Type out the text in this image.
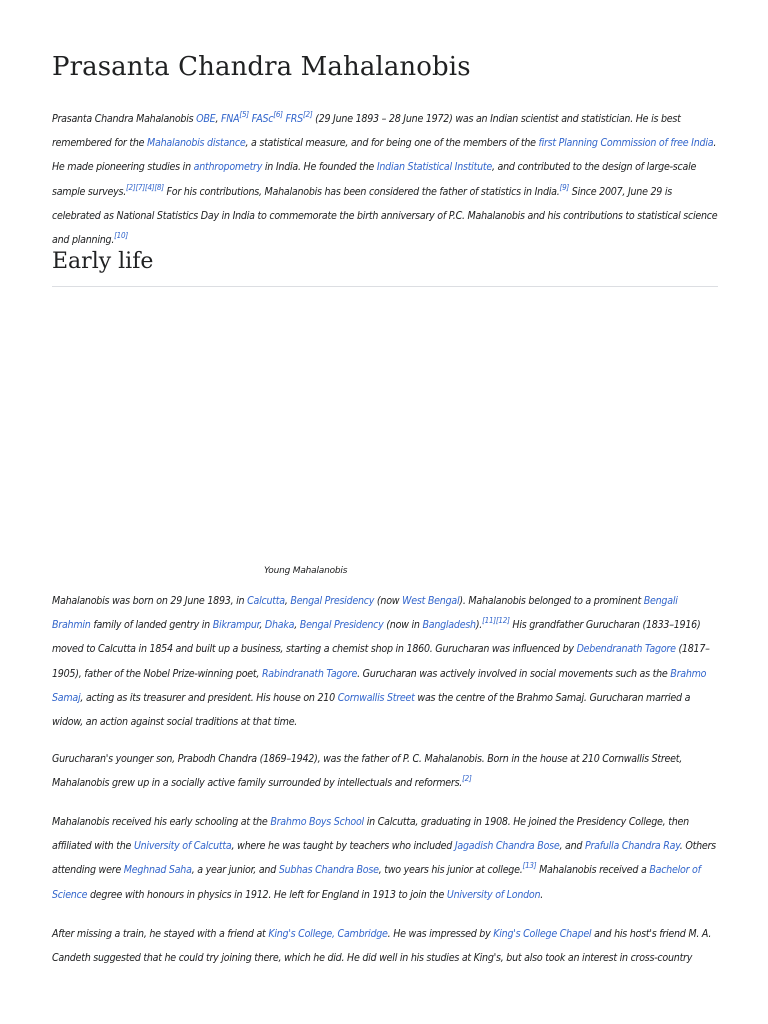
Prasanta Chandra Mahalanobis
Prasanta Chandra Mahalanobis OBE, FNA[5] FASc[6] FRS[2] (29 June 1893 – 28 June 1972) was an Indian scientist and statistician. He is best remembered for the Mahalanobis distance, a statistical measure, and for being one of the members of the first Planning Commission of free India. He made pioneering studies in anthropometry in India. He founded the Indian Statistical Institute, and contributed to the design of large-scale sample surveys.[2][7][4][8] For his contributions, Mahalanobis has been considered the father of statistics in India.[9] Since 2007, June 29 is celebrated as National Statistics Day in India to commemorate the birth anniversary of P.C. Mahalanobis and his contributions to statistical science and planning.[10]
Early life
Young Mahalanobis
Mahalanobis was born on 29 June 1893, in Calcutta, Bengal Presidency (now West Bengal). Mahalanobis belonged to a prominent Bengali Brahmin family of landed gentry in Bikrampur, Dhaka, Bengal Presidency (now in Bangladesh).[11][12] His grandfather Gurucharan (1833–1916) moved to Calcutta in 1854 and built up a business, starting a chemist shop in 1860. Gurucharan was influenced by Debendranath Tagore (1817–1905), father of the Nobel Prize-winning poet, Rabindranath Tagore. Gurucharan was actively involved in social movements such as the Brahmo Samaj, acting as its treasurer and president. His house on 210 Cornwallis Street was the centre of the Brahmo Samaj. Gurucharan married a widow, an action against social traditions at that time.
Gurucharan's younger son, Prabodh Chandra (1869–1942), was the father of P. C. Mahalanobis. Born in the house at 210 Cornwallis Street, Mahalanobis grew up in a socially active family surrounded by intellectuals and reformers.[2]
Mahalanobis received his early schooling at the Brahmo Boys School in Calcutta, graduating in 1908. He joined the Presidency College, then affiliated with the University of Calcutta, where he was taught by teachers who included Jagadish Chandra Bose, and Prafulla Chandra Ray. Others attending were Meghnad Saha, a year junior, and Subhas Chandra Bose, two years his junior at college.[13] Mahalanobis received a Bachelor of Science degree with honours in physics in 1912. He left for England in 1913 to join the University of London.
After missing a train, he stayed with a friend at King's College, Cambridge. He was impressed by King's College Chapel and his host's friend M. A. Candeth suggested that he could try joining there, which he did. He did well in his studies at King's, but also took an interest in cross-country
